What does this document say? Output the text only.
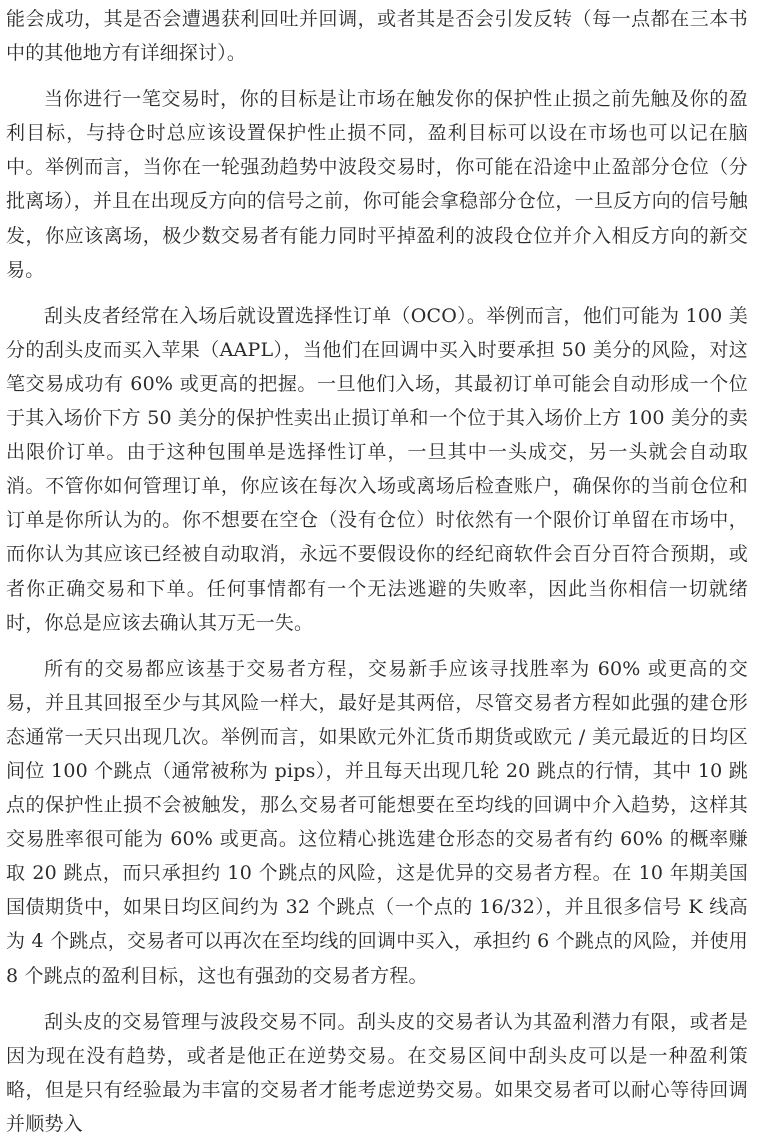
能会成功，其是否会遭遇获利回吐并回调，或者其是否会引发反转（每一点都在三本书中的其他地方有详细探讨）。

当你进行一笔交易时，你的目标是让市场在触发你的保护性止损之前先触及你的盈利目标，与持仓时总应该设置保护性止损不同，盈利目标可以设在市场也可以记在脑中。举例而言，当你在一轮强劲趋势中波段交易时，你可能在沿途中止盈部分仓位（分批离场），并且在出现反方向的信号之前，你可能会拿稳部分仓位，一旦反方向的信号触发，你应该离场，极少数交易者有能力同时平掉盈利的波段仓位并介入相反方向的新交易。

刮头皮者经常在入场后就设置选择性订单（OCO）。举例而言，他们可能为 100 美分的刮头皮而买入苹果（AAPL），当他们在回调中买入时要承担 50 美分的风险，对这笔交易成功有 60% 或更高的把握。一旦他们入场，其最初订单可能会自动形成一个位于其入场价下方 50 美分的保护性卖出止损订单和一个位于其入场价上方 100 美分的卖出限价订单。由于这种包围单是选择性订单，一旦其中一头成交，另一头就会自动取消。不管你如何管理订单，你应该在每次入场或离场后检查账户，确保你的当前仓位和订单是你所认为的。你不想要在空仓（没有仓位）时依然有一个限价订单留在市场中，而你认为其应该已经被自动取消，永远不要假设你的经纪商软件会百分百符合预期，或者你正确交易和下单。任何事情都有一个无法逃避的失败率，因此当你相信一切就绪时，你总是应该去确认其万无一失。

所有的交易都应该基于交易者方程，交易新手应该寻找胜率为 60% 或更高的交易，并且其回报至少与其风险一样大，最好是其两倍，尽管交易者方程如此强的建仓形态通常一天只出现几次。举例而言，如果欧元外汇货币期货或欧元 / 美元最近的日均区间位 100 个跳点（通常被称为 pips），并且每天出现几轮 20 跳点的行情，其中 10 跳点的保护性止损不会被触发，那么交易者可能想要在至均线的回调中介入趋势，这样其交易胜率很可能为 60% 或更高。这位精心挑选建仓形态的交易者有约 60% 的概率赚取 20 跳点，而只承担约 10 个跳点的风险，这是优异的交易者方程。在 10 年期美国国债期货中，如果日均区间约为 32 个跳点（一个点的 16/32），并且很多信号 K 线高为 4 个跳点，交易者可以再次在至均线的回调中买入，承担约 6 个跳点的风险，并使用 8 个跳点的盈利目标，这也有强劲的交易者方程。

刮头皮的交易管理与波段交易不同。刮头皮的交易者认为其盈利潜力有限，或者是因为现在没有趋势，或者是他正在逆势交易。在交易区间中刮头皮可以是一种盈利策略，但是只有经验最为丰富的交易者才能考虑逆势交易。如果交易者可以耐心等待回调并顺势入
